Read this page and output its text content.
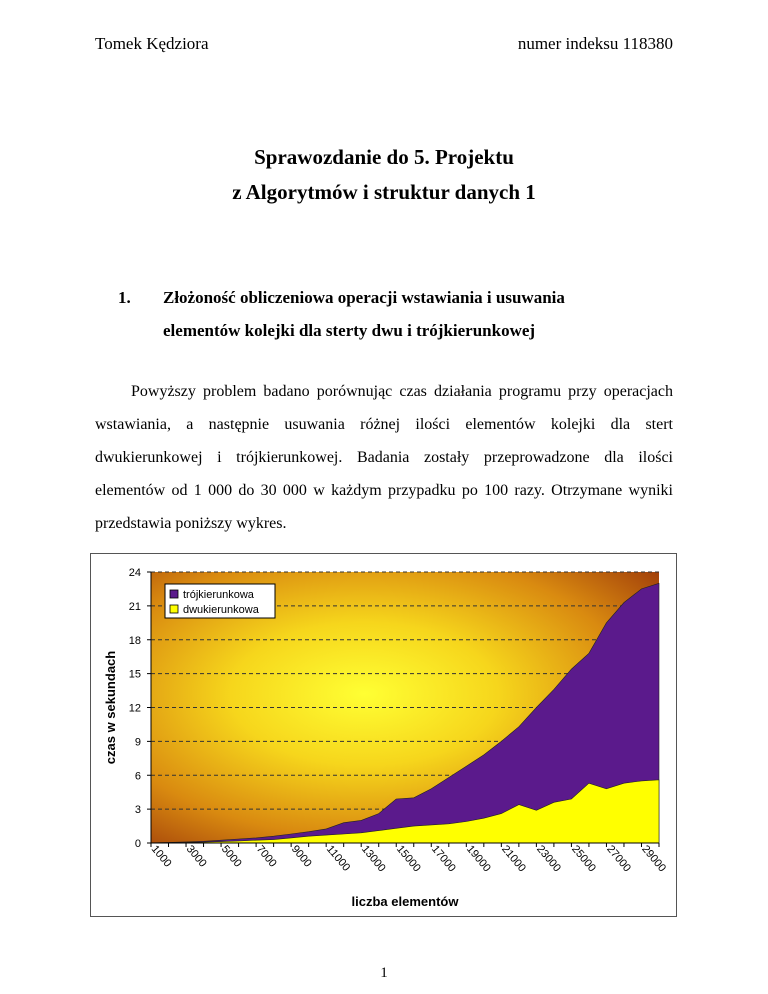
Tomek Kędziora	numer indeksu 118380
Sprawozdanie do 5. Projektu
z Algorytmów i struktur danych 1
1. Złożoność obliczeniowa operacji wstawiania i usuwania
elementów kolejki dla sterty dwu i trójkierunkowej

Powyższy problem badano porównując czas działania programu przy operacjach wstawiania, a następnie usuwania różnej ilości elementów kolejki dla stert dwukierunkowej i trójkierunkowej. Badania zostały przeprowadzone dla ilości elementów od 1 000 do 30 000 w każdym przypadku po 100 razy. Otrzymane wyniki przedstawia poniższy wykres.

0
3
6
9
12
15
18
21
24
1000 3000 5000 7000 9000 11000 13000 15000 17000 19000 21000 23000 25000 27000 29000
trójkierunkowa
dwukierunkowa
czas w sekundach
liczba elementów
1
